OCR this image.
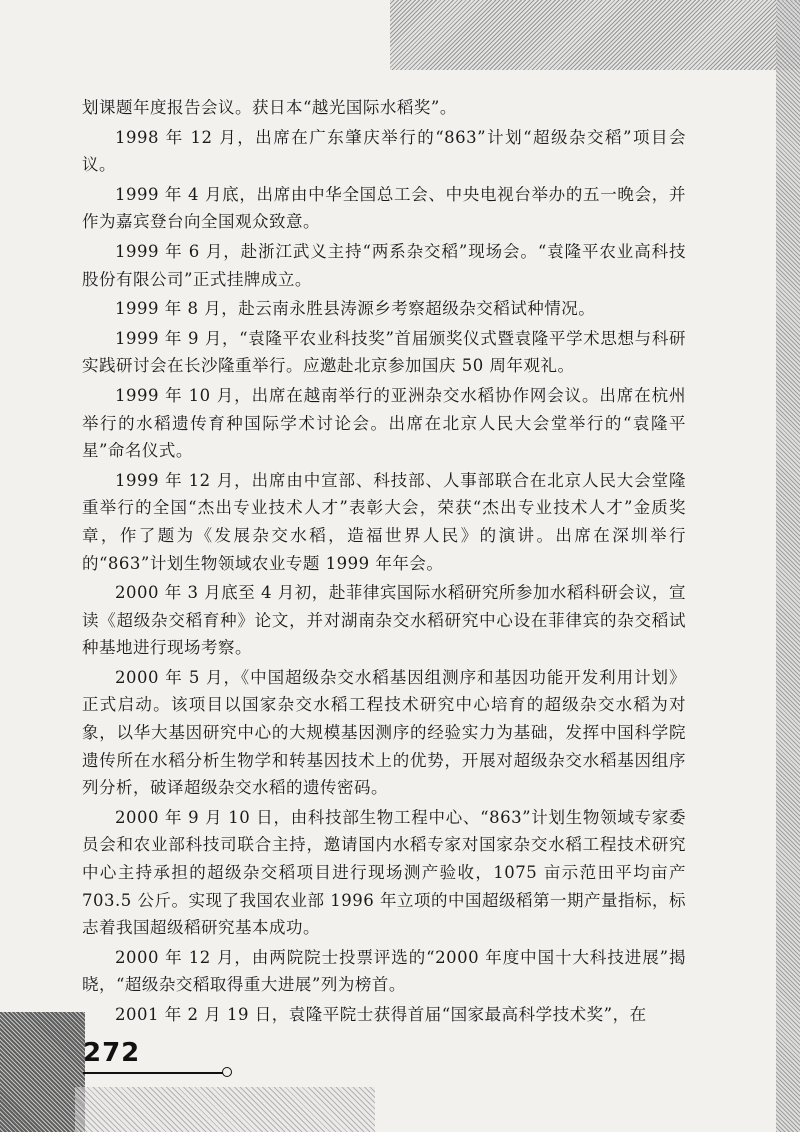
划课题年度报告会议。获日本“越光国际水稻奖”。

1998 年 12 月，出席在广东肇庆举行的“863”计划“超级杂交稻”项目会议。

1999 年 4 月底，出席由中华全国总工会、中央电视台举办的五一晚会，并作为嘉宾登台向全国观众致意。

1999 年 6 月，赴浙江武义主持“两系杂交稻”现场会。“袁隆平农业高科技股份有限公司”正式挂牌成立。

1999 年 8 月，赴云南永胜县涛源乡考察超级杂交稻试种情况。

1999 年 9 月，“袁隆平农业科技奖”首届颁奖仪式暨袁隆平学术思想与科研实践研讨会在长沙隆重举行。应邀赴北京参加国庆 50 周年观礼。

1999 年 10 月，出席在越南举行的亚洲杂交水稻协作网会议。出席在杭州举行的水稻遗传育种国际学术讨论会。出席在北京人民大会堂举行的“袁隆平星”命名仪式。

1999 年 12 月，出席由中宣部、科技部、人事部联合在北京人民大会堂隆重举行的全国“杰出专业技术人才”表彰大会，荣获“杰出专业技术人才”金质奖章，作了题为《发展杂交水稻，造福世界人民》的演讲。出席在深圳举行的“863”计划生物领域农业专题 1999 年年会。

2000 年 3 月底至 4 月初，赴菲律宾国际水稻研究所参加水稻科研会议，宣读《超级杂交稻育种》论文，并对湖南杂交水稻研究中心设在菲律宾的杂交稻试种基地进行现场考察。

2000 年 5 月，《中国超级杂交水稻基因组测序和基因功能开发利用计划》正式启动。该项目以国家杂交水稻工程技术研究中心培育的超级杂交水稻为对象，以华大基因研究中心的大规模基因测序的经验实力为基础，发挥中国科学院遗传所在水稻分析生物学和转基因技术上的优势，开展对超级杂交水稻基因组序列分析，破译超级杂交水稻的遗传密码。

2000 年 9 月 10 日，由科技部生物工程中心、“863”计划生物领域专家委员会和农业部科技司联合主持，邀请国内水稻专家对国家杂交水稻工程技术研究中心主持承担的超级杂交稻项目进行现场测产验收，1075 亩示范田平均亩产 703.5 公斤。实现了我国农业部 1996 年立项的中国超级稻第一期产量指标，标志着我国超级稻研究基本成功。

2000 年 12 月，由两院院士投票评选的“2000 年度中国十大科技进展”揭晓，“超级杂交稻取得重大进展”列为榜首。

2001 年 2 月 19 日，袁隆平院士获得首届“国家最高科学技术奖”，在

272
